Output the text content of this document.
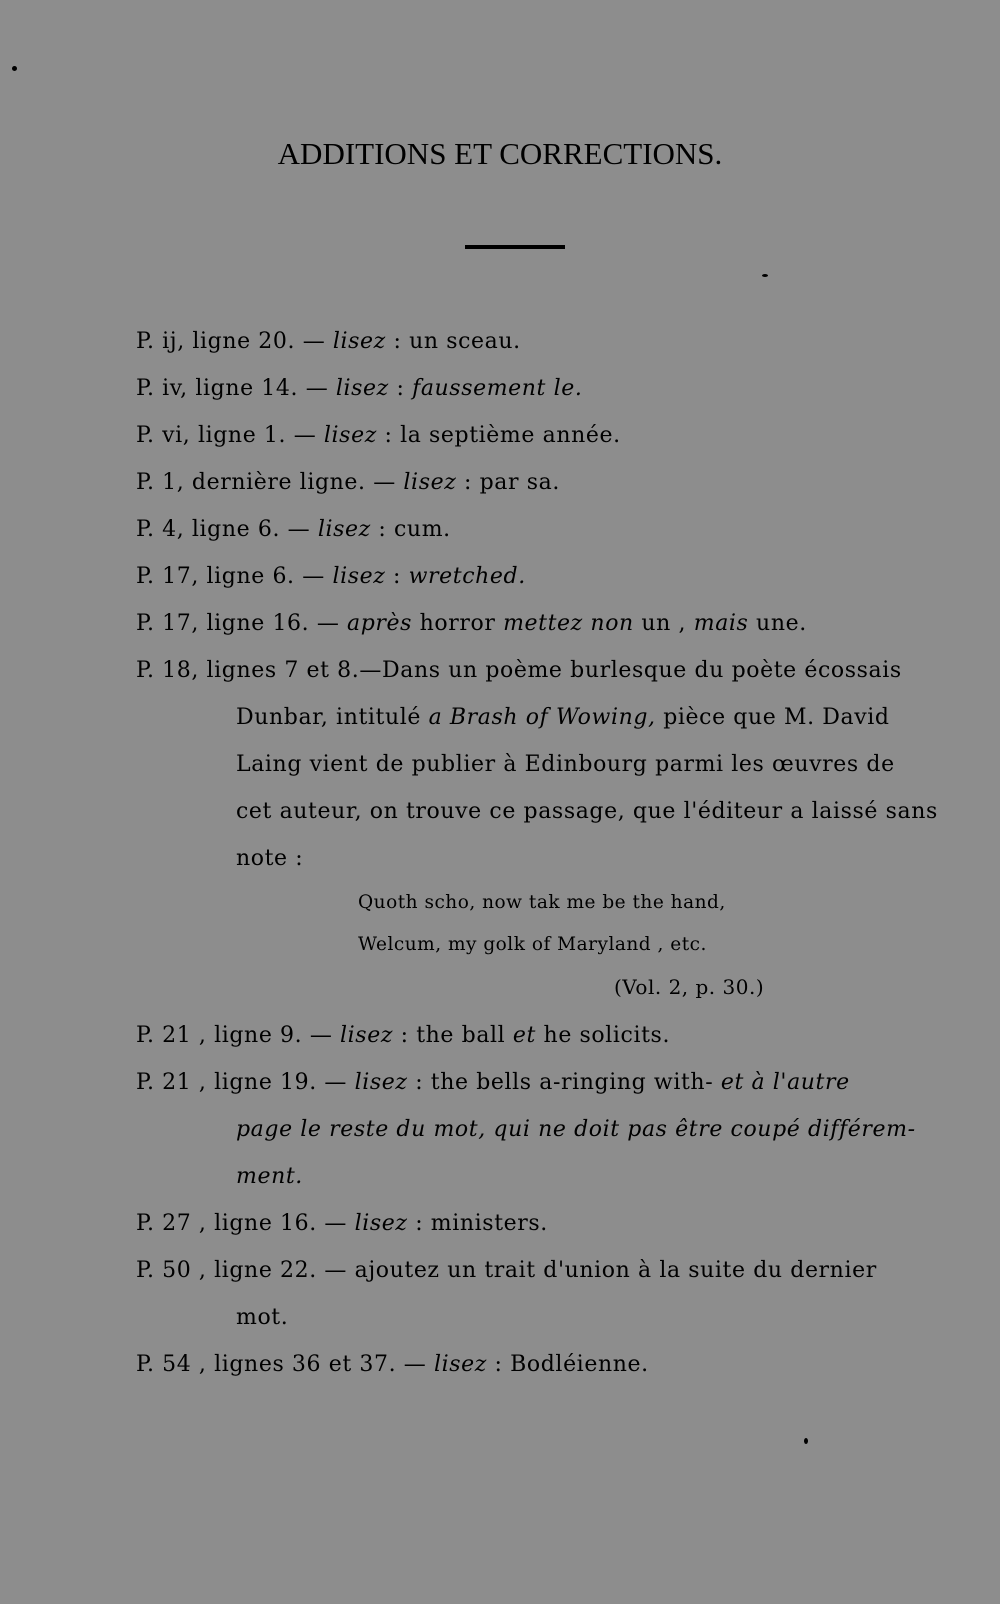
ADDITIONS ET CORRECTIONS.
P. ij, ligne 20. — lisez : un sceau.
P. iv, ligne 14. — lisez : faussement le.
P. vi, ligne 1. — lisez : la septième année.
P. 1, dernière ligne. — lisez : par sa.
P. 4, ligne 6. — lisez : cum.
P. 17, ligne 6. — lisez : wretched.
P. 17, ligne 16. — après horror mettez non un , mais une.
P. 18, lignes 7 et 8.—Dans un poème burlesque du poète écossais
Dunbar, intitulé a Brash of Wowing, pièce que M. David
Laing vient de publier à Edinbourg parmi les œuvres de
cet auteur, on trouve ce passage, que l'éditeur a laissé sans
note :
Quoth scho, now tak me be the hand,
Welcum, my golk of Maryland , etc.
(Vol. 2, p. 30.)
P. 21 , ligne 9. — lisez : the ball et he solicits.
P. 21 , ligne 19. — lisez : the bells a-ringing with- et à l'autre
page le reste du mot, qui ne doit pas être coupé différem-
ment.
P. 27 , ligne 16. — lisez : ministers.
P. 50 , ligne 22. — ajoutez un trait d'union à la suite du dernier
mot.
P. 54 , lignes 36 et 37. — lisez : Bodléienne.
